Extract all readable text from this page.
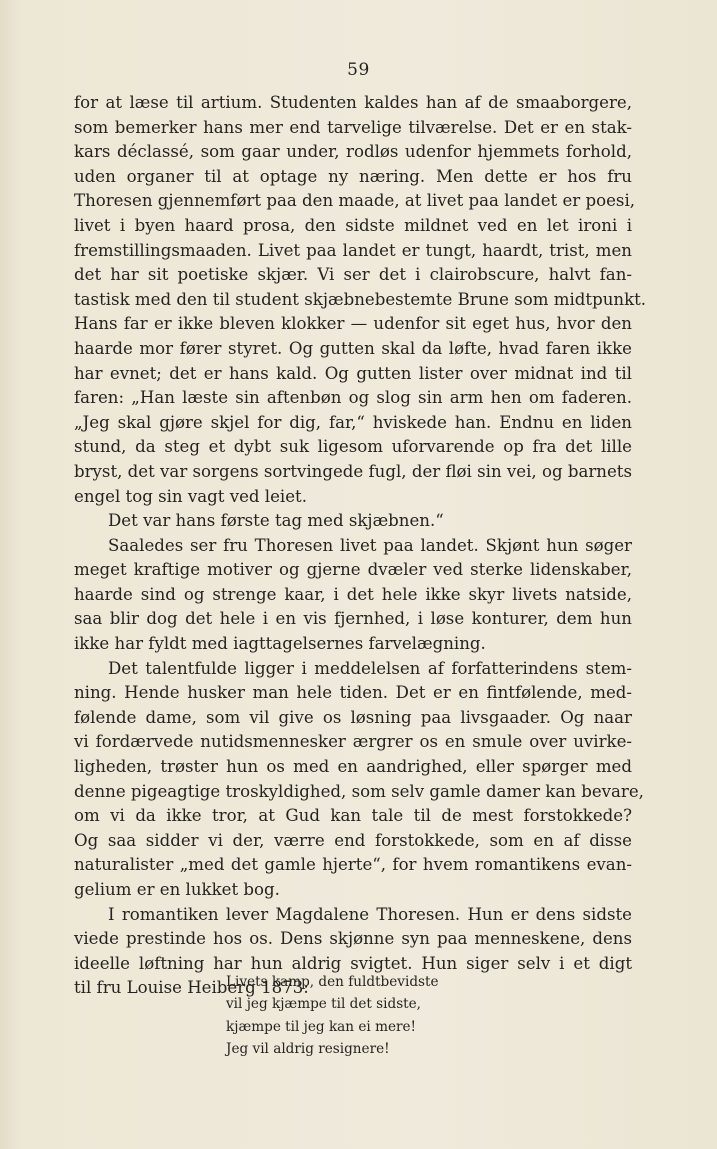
59
for at læse til artium. Studenten kaldes han af de smaaborgere,
som bemerker hans mer end tarvelige tilværelse. Det er en stak-
kars déclassé, som gaar under, rodløs udenfor hjemmets forhold,
uden organer til at optage ny næring. Men dette er hos fru
Thoresen gjennemført paa den maade, at livet paa landet er poesi,
livet i byen haard prosa, den sidste mildnet ved en let ironi i
fremstillingsmaaden. Livet paa landet er tungt, haardt, trist, men
det har sit poetiske skjær. Vi ser det i clairobscure, halvt fan-
tastisk med den til student skjæbnebestemte Brune som midtpunkt.
Hans far er ikke bleven klokker — udenfor sit eget hus, hvor den
haarde mor fører styret. Og gutten skal da løfte, hvad faren ikke
har evnet; det er hans kald. Og gutten lister over midnat ind til
faren: „Han læste sin aftenbøn og slog sin arm hen om faderen.
„Jeg skal gjøre skjel for dig, far,“ hviskede han. Endnu en liden
stund, da steg et dybt suk ligesom uforvarende op fra det lille
bryst, det var sorgens sortvingede fugl, der fløi sin vei, og barnets
engel tog sin vagt ved leiet.
Det var hans første tag med skjæbnen.“
Saaledes ser fru Thoresen livet paa landet. Skjønt hun søger
meget kraftige motiver og gjerne dvæler ved sterke lidenskaber,
haarde sind og strenge kaar, i det hele ikke skyr livets natside,
saa blir dog det hele i en vis fjernhed, i løse konturer, dem hun
ikke har fyldt med iagttagelsernes farvelægning.
Det talentfulde ligger i meddelelsen af forfatterindens stem-
ning. Hende husker man hele tiden. Det er en fintfølende, med-
følende dame, som vil give os løsning paa livsgaader. Og naar
vi fordærvede nutidsmennesker ærgrer os en smule over uvirke-
ligheden, trøster hun os med en aandrighed, eller spørger med
denne pigeagtige troskyldighed, som selv gamle damer kan bevare,
om vi da ikke tror, at Gud kan tale til de mest forstokkede?
Og saa sidder vi der, værre end forstokkede, som en af disse
naturalister „med det gamle hjerte“, for hvem romantikens evan-
gelium er en lukket bog.
I romantiken lever Magdalene Thoresen. Hun er dens sidste
viede prestinde hos os. Dens skjønne syn paa menneskene, dens
ideelle løftning har hun aldrig svigtet. Hun siger selv i et digt
til fru Louise Heiberg 1873:
Livets kamp, den fuldtbevidste
vil jeg kjæmpe til det sidste,
kjæmpe til jeg kan ei mere!
Jeg vil aldrig resignere!
